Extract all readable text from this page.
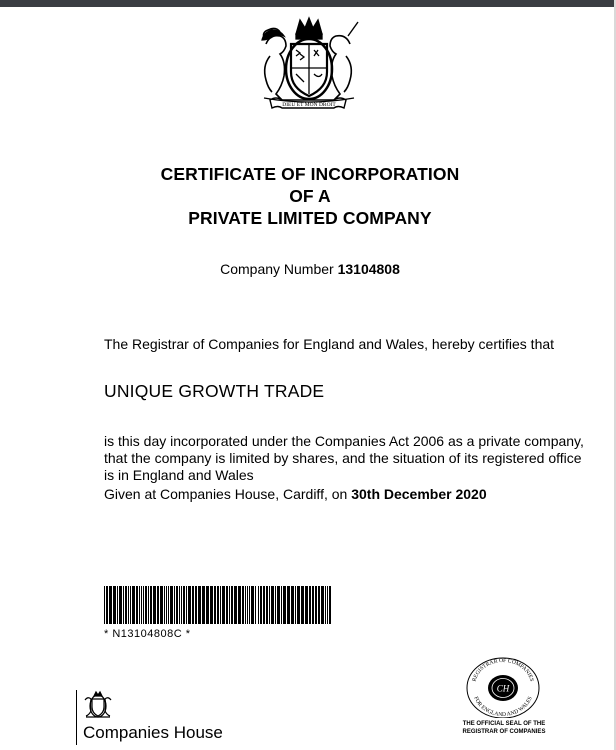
DIEU ET MON DROIT
CERTIFICATE OF INCORPORATION
OF A
PRIVATE LIMITED COMPANY
Company Number 13104808
The Registrar of Companies for England and Wales, hereby certifies that
UNIQUE GROWTH TRADE
is this day incorporated under the Companies Act 2006 as a private company, that the company is limited by shares, and the situation of its registered office is in England and Wales
Given at Companies House, Cardiff, on 30th December 2020
* N13104808C *
Companies House
REGISTRAR OF COMPANIES
FOR ENGLAND AND WALES
CH
THE OFFICIAL SEAL OF THE
REGISTRAR OF COMPANIES
